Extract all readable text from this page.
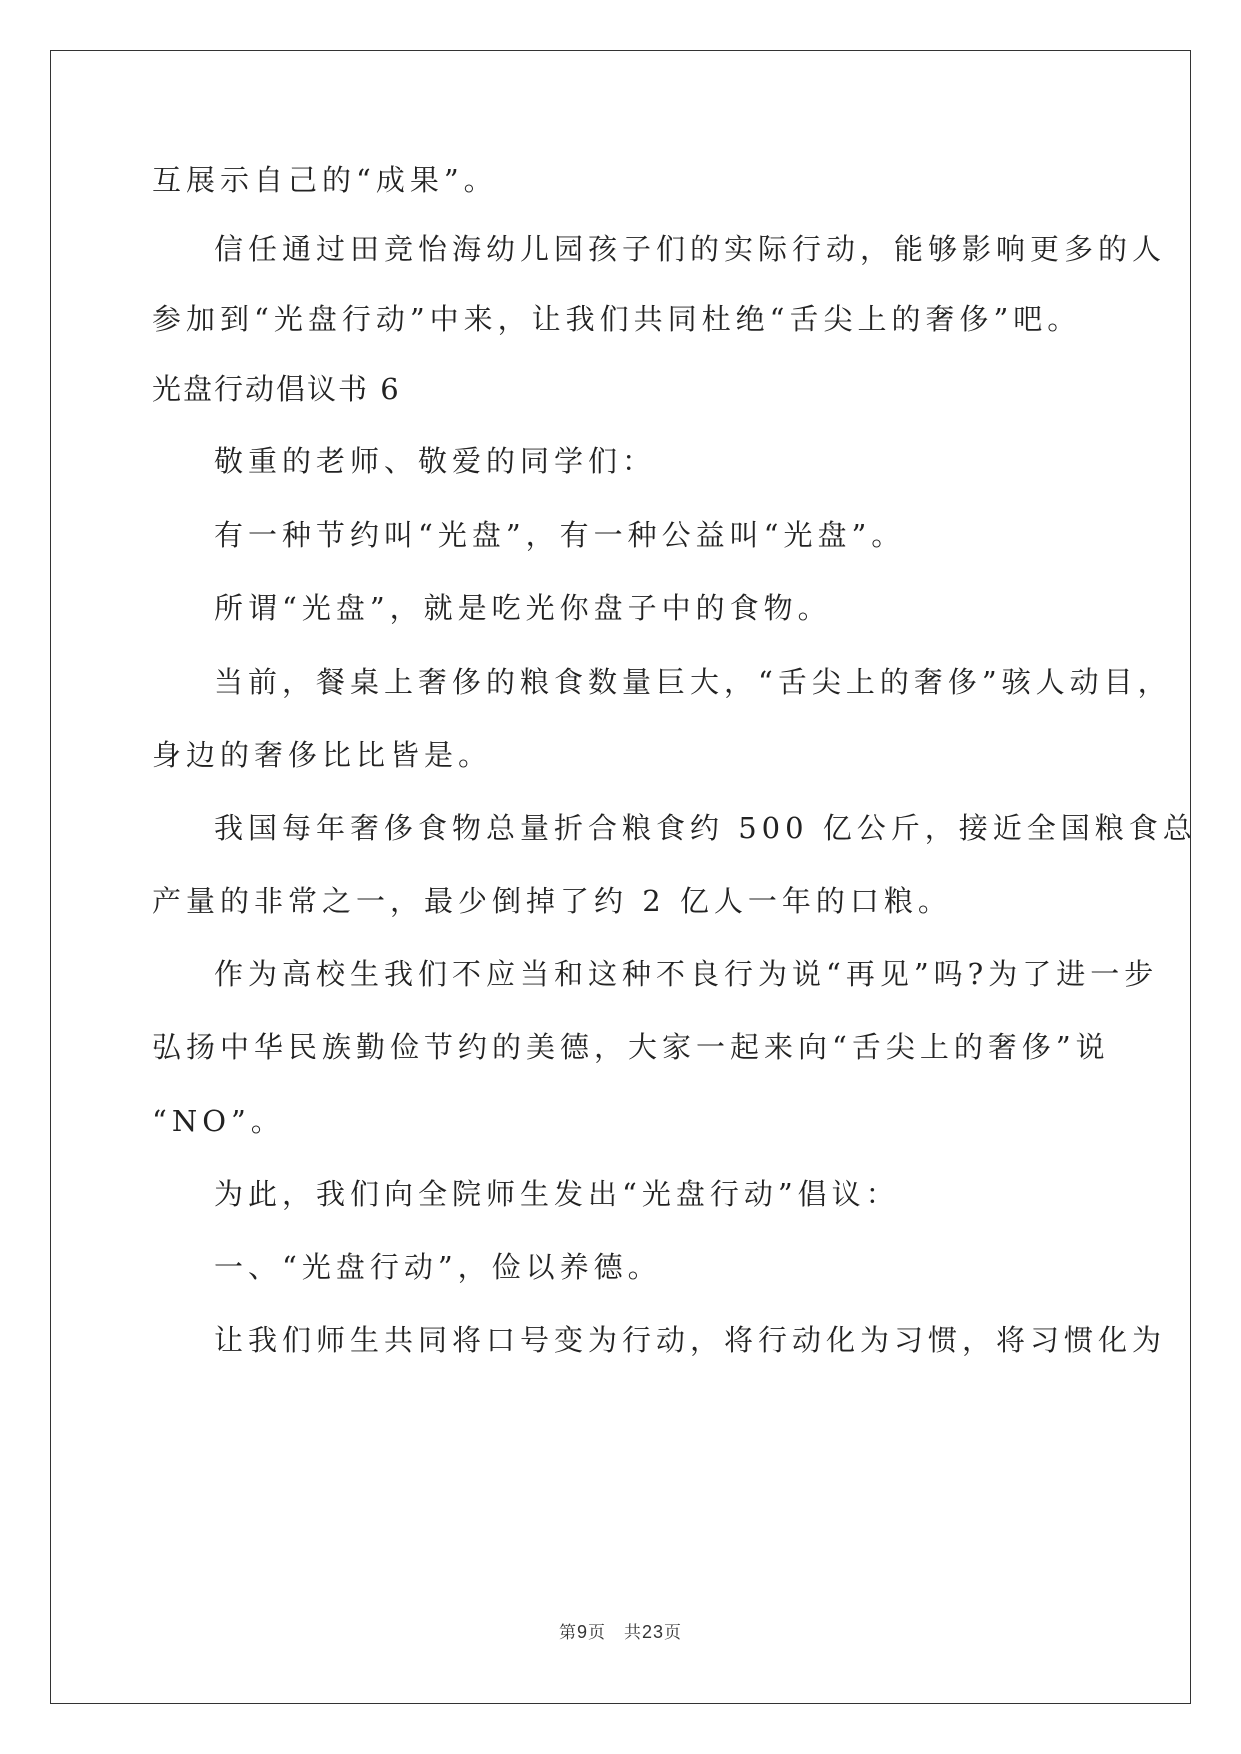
互展示自己的“成果”。
信任通过田竞怡海幼儿园孩子们的实际行动，能够影响更多的人
参加到“光盘行动”中来，让我们共同杜绝“舌尖上的奢侈”吧。
光盘行动倡议书 6
敬重的老师、敬爱的同学们：
有一种节约叫“光盘”，有一种公益叫“光盘”。
所谓“光盘”，就是吃光你盘子中的食物。
当前，餐桌上奢侈的粮食数量巨大，“舌尖上的奢侈”骇人动目，
身边的奢侈比比皆是。
我国每年奢侈食物总量折合粮食约 500 亿公斤，接近全国粮食总
产量的非常之一，最少倒掉了约 2 亿人一年的口粮。
作为高校生我们不应当和这种不良行为说“再见”吗?为了进一步
弘扬中华民族勤俭节约的美德，大家一起来向“舌尖上的奢侈”说
“NO”。
为此，我们向全院师生发出“光盘行动”倡议：
一、“光盘行动”，俭以养德。
让我们师生共同将口号变为行动，将行动化为习惯，将习惯化为
第9页 共23页
